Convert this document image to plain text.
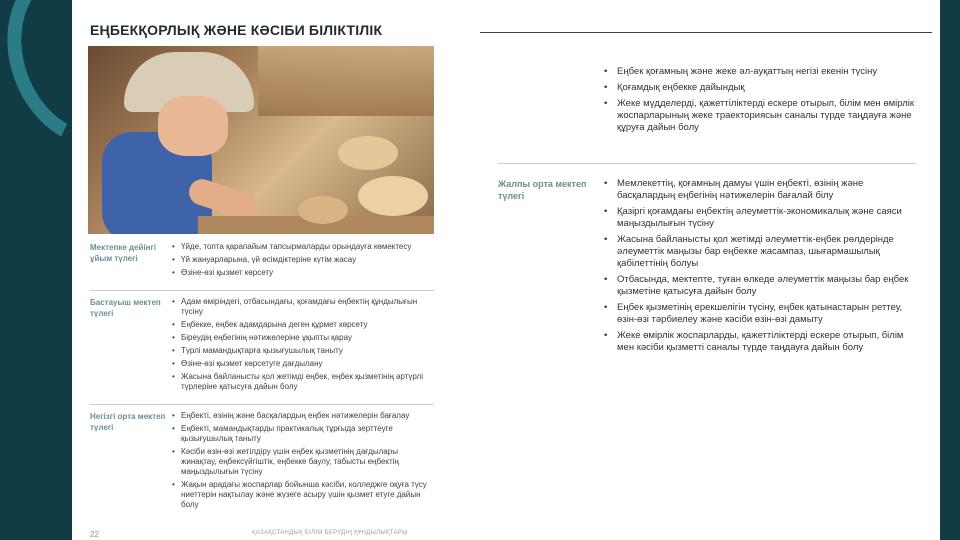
ЕҢБЕКҚОРЛЫҚ ЖӘНЕ КӘСІБИ БІЛІКТІЛІК
Мектепке дейінгі ұйым түлегі
• Үйде, топта қарапайым тапсырмаларды орындауға көмектесу
• Үй жануарларына, үй өсімдіктеріне күтім жасау
• Өзіне-өзі қызмет көрсету
Бастауыш мектеп түлегі
• Адам өміріндегі, отбасындағы, қоғамдағы еңбектің құндылығын түсіну
• Еңбекке, еңбек адамдарына деген құрмет көрсету
• Біреудің еңбегінің нәтижелеріне ұқыпты қарау
• Түрлі мамандықтарға қызығушылық таныту
• Өзіне-өзі қызмет көрсетуге дағдылану
• Жасына байланысты қол жетімді еңбек, еңбек қызметінің әртүрлі түрлеріне қатысуға дайын болу
Негізгі орта мектеп түлегі
• Еңбекті, өзінің және басқалардың еңбек нәтижелерін бағалау
• Еңбекті, мамандықтарды практикалық тұрғыда зерттеуге қызығушылық таныту
• Кәсіби өзін-өзі жетілдіру үшін еңбек қызметінің дағдылары жинақтау, еңбексүйгіштік, еңбекке баулу, табысты еңбектің маңыздылығын түсіну
• Жақын арадағы жоспарлар бойынша кәсіби, колледжге оқуға түсу ниеттерін нақтылау және жүзеге асыру үшін қызмет етуге дайын болу
• Еңбек қоғамның және жеке әл-ауқаттың негізі екенін түсіну
• Қоғамдық еңбекке дайындық
• Жеке мүдделерді, қажеттіліктерді ескере отырып, білім мен өмірлік жоспарларының жеке траекториясын саналы түрде таңдауға және құруға дайын болу
Жалпы орта мектеп түлегі
• Мемлекеттің, қоғамның дамуы үшін еңбекті, өзінің және басқалардың еңбегінің нәтижелерін бағалай білу
• Қазіргі қоғамдағы еңбектің әлеуметтік-экономикалық және саяси маңыздылығын түсіну
• Жасына байланысты қол жетімді әлеуметтік-еңбек рөлдерінде әлеуметтік маңызы бар еңбекке жасампаз, шығармашылық қабілеттінің болуы
• Отбасында, мектепте, туған өлкеде әлеуметтік маңызы бар еңбек қызметіне қатысуға дайын болу
• Еңбек қызметінің ерекшелігін түсіну, еңбек қатынастарын реттеу, өзін-өзі тәрбиелеу және кәсіби өзін-өзі дамыту
• Жеке өмірлік жоспарларды, қажеттіліктерді ескере отырып, білім мен кәсіби қызметті саналы түрде таңдауға дайын болу
22	ҚАЗАҚСТАНДЫҚ БІЛІМ БЕРУДІҢ ҚҰНДЫЛЫҚТАРЫ
16
